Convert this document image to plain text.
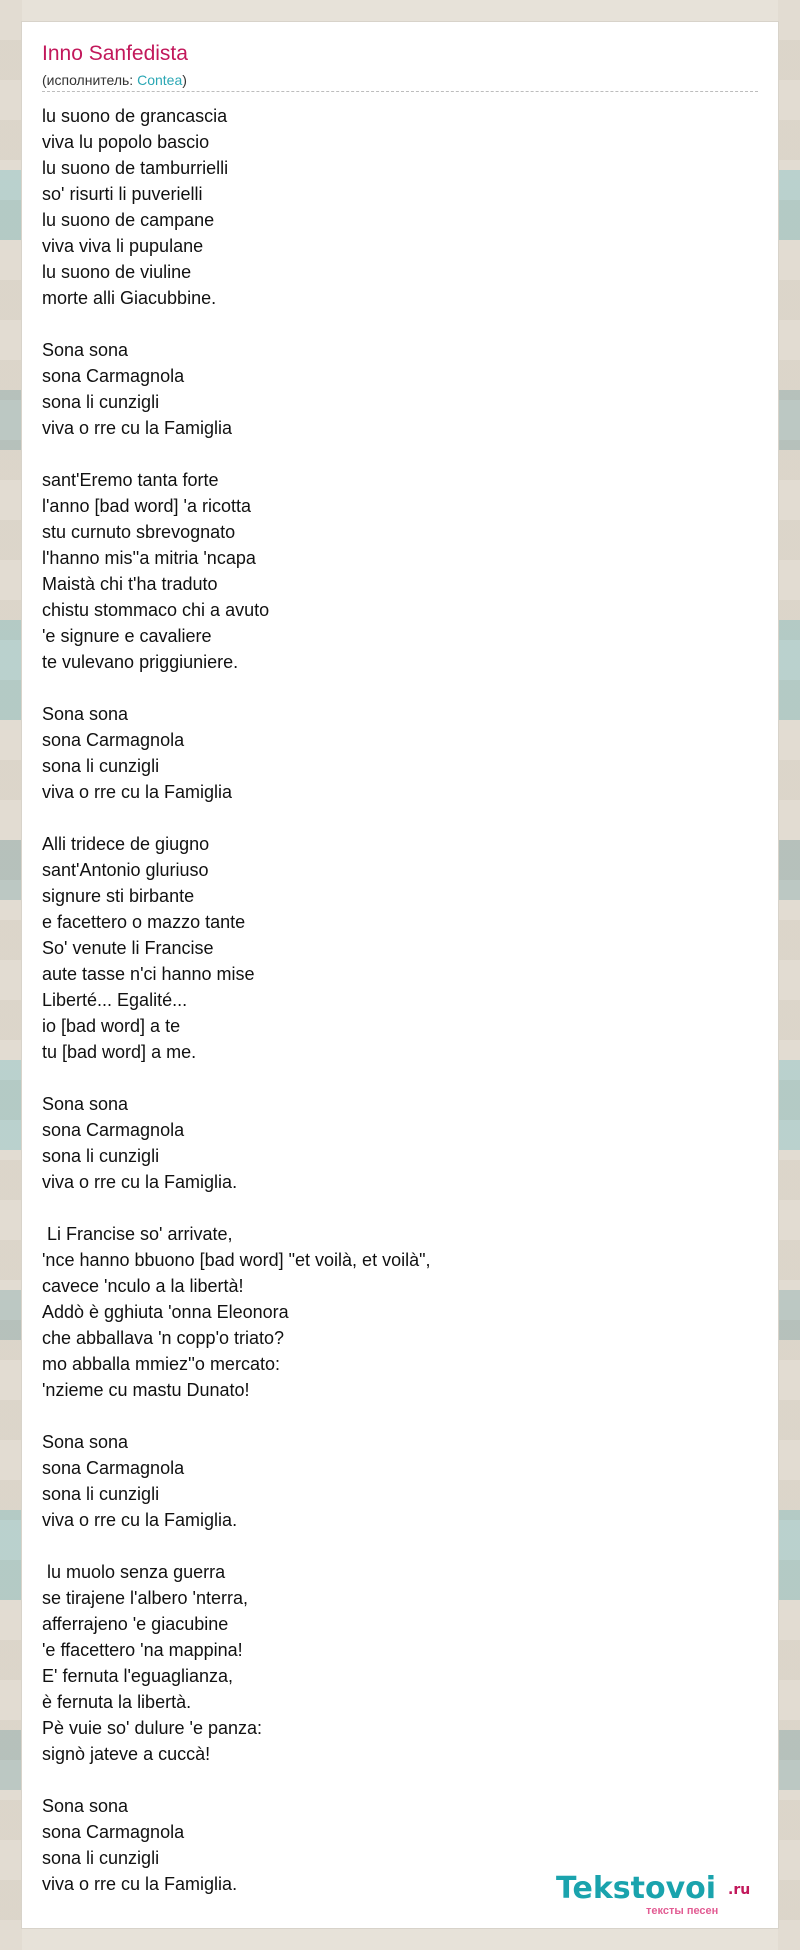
Inno Sanfedista
(исполнитель: Contea)
lu suono de grancascia
viva lu popolo bascio
lu suono de tamburrielli
so' risurti li puverielli
lu suono de campane
viva viva li pupulane
lu suono de viuline
morte alli Giacubbine.

Sona sona
sona Carmagnola
sona li cunzigli
viva o rre cu la Famiglia

sant'Eremo tanta forte
l'anno [bad word] 'a ricotta
stu curnuto sbrevognato
l'hanno mis''a mitria 'ncapa
Maistà chi t'ha traduto
chistu stommaco chi a avuto
'e signure e cavaliere
te vulevano priggiuniere.

Sona sona
sona Carmagnola
sona li cunzigli
viva o rre cu la Famiglia

Alli tridece de giugno
sant'Antonio gluriuso
signure sti birbante
e facettero o mazzo tante
So' venute li Francise
aute tasse n'ci hanno mise
Liberté... Egalité...
io [bad word] a te
tu [bad word] a me.

Sona sona
sona Carmagnola
sona li cunzigli
viva o rre cu la Famiglia.

Li Francise so' arrivate,
'nce hanno bbuono [bad word] "et voilà, et voilà",
cavece 'nculo a la libertà!
Addò è gghiuta 'onna Eleonora
che abballava 'n copp'o triato?
mo abballa mmiez''o mercato:
'nzieme cu mastu Dunato!

Sona sona
sona Carmagnola
sona li cunzigli
viva o rre cu la Famiglia.

lu muolo senza guerra
se tirajene l'albero 'nterra,
afferrajeno 'e giacubine
'e ffacettero 'na mappina!
E' fernuta l'eguaglianza,
è fernuta la libertà.
Pè vuie so' dulure 'e panza:
signò jateve a cuccà!

Sona sona
sona Carmagnola
sona li cunzigli
viva o rre cu la Famiglia.	Tekstovoi .ru
тексты песен
